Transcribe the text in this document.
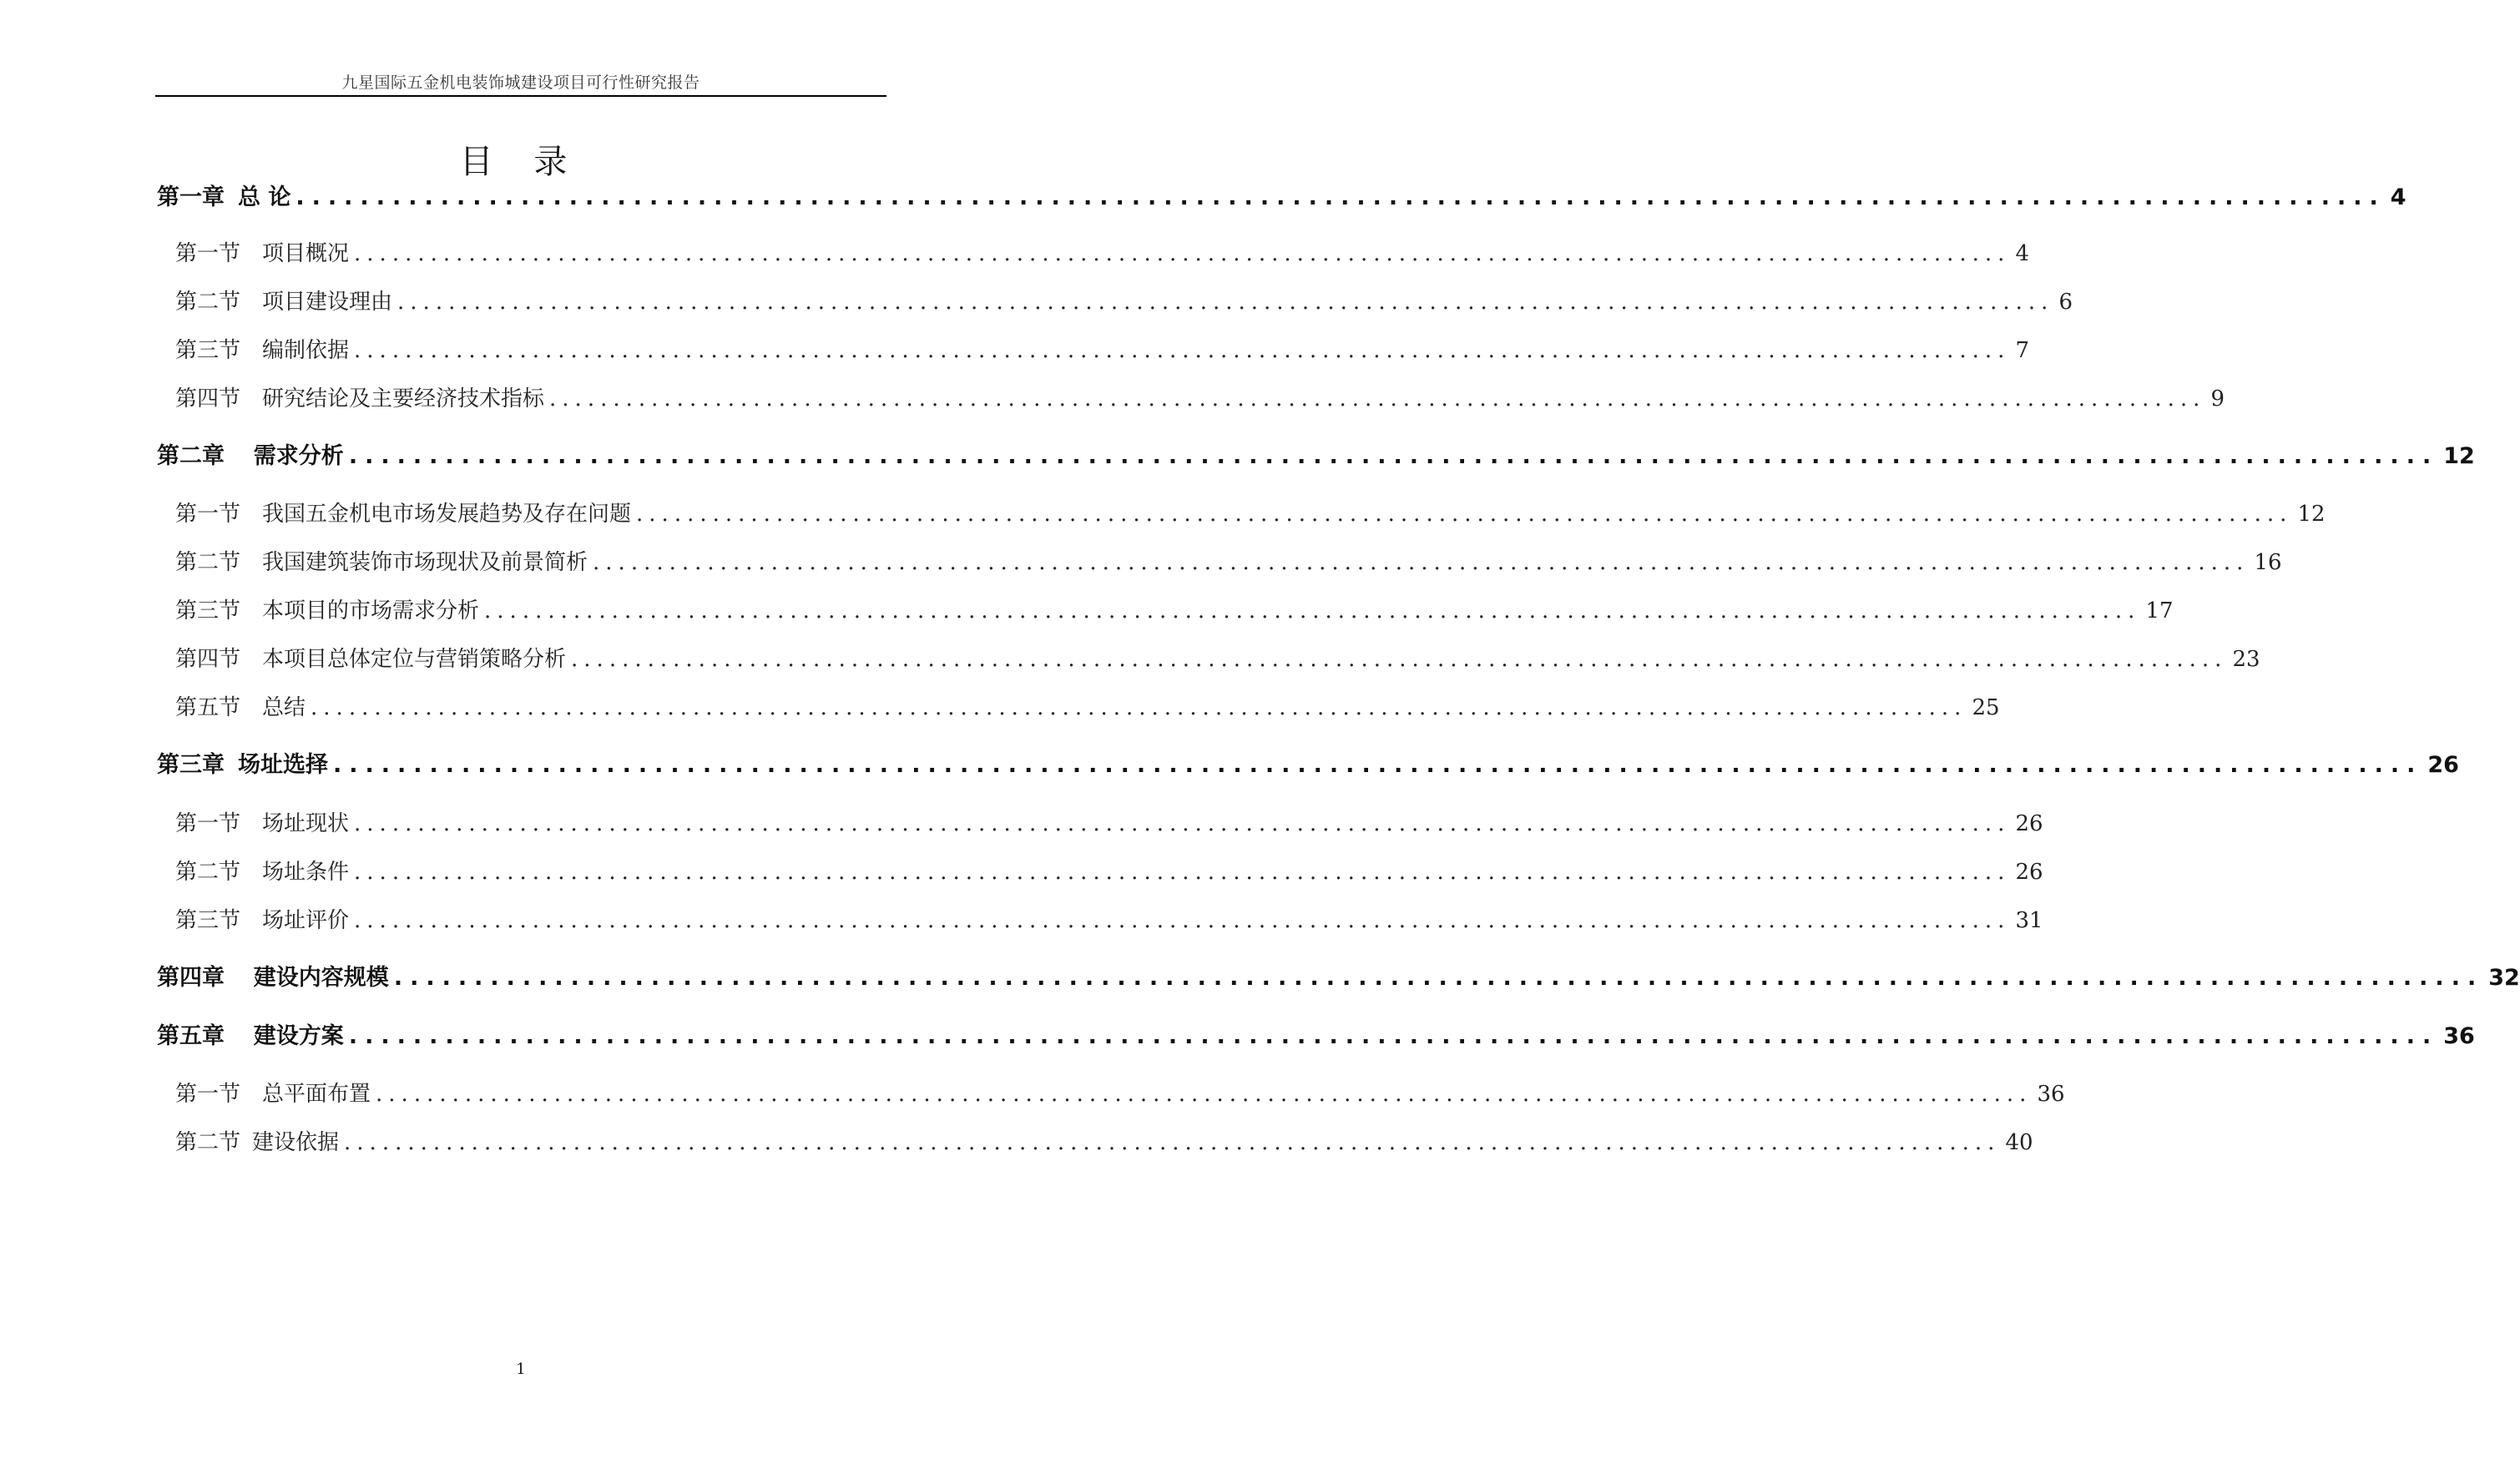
九星国际五金机电装饰城建设项目可行性研究报告
目 录
第一章 总 论 .................................................................................................................................. 4
第一节 项目概况 .................................................................................................................................. 4
第二节 项目建设理由 .................................................................................................................................. 6
第三节 编制依据 .................................................................................................................................. 7
第四节 研究结论及主要经济技术指标 .................................................................................................................................. 9
第二章  需求分析 .................................................................................................................................. 12
第一节 我国五金机电市场发展趋势及存在问题 .................................................................................................................................. 12
第二节 我国建筑装饰市场现状及前景简析 .................................................................................................................................. 16
第三节 本项目的市场需求分析 .................................................................................................................................. 17
第四节 本项目总体定位与营销策略分析 .................................................................................................................................. 23
第五节 总结 .................................................................................................................................. 25
第三章 场址选择 .................................................................................................................................. 26
第一节 场址现状 .................................................................................................................................. 26
第二节 场址条件 .................................................................................................................................. 26
第三节 场址评价 .................................................................................................................................. 31
第四章  建设内容规模 .................................................................................................................................. 32
第五章  建设方案 .................................................................................................................................. 36
第一节 总平面布置 .................................................................................................................................. 36
第二节 建设依据 .................................................................................................................................. 40
1
